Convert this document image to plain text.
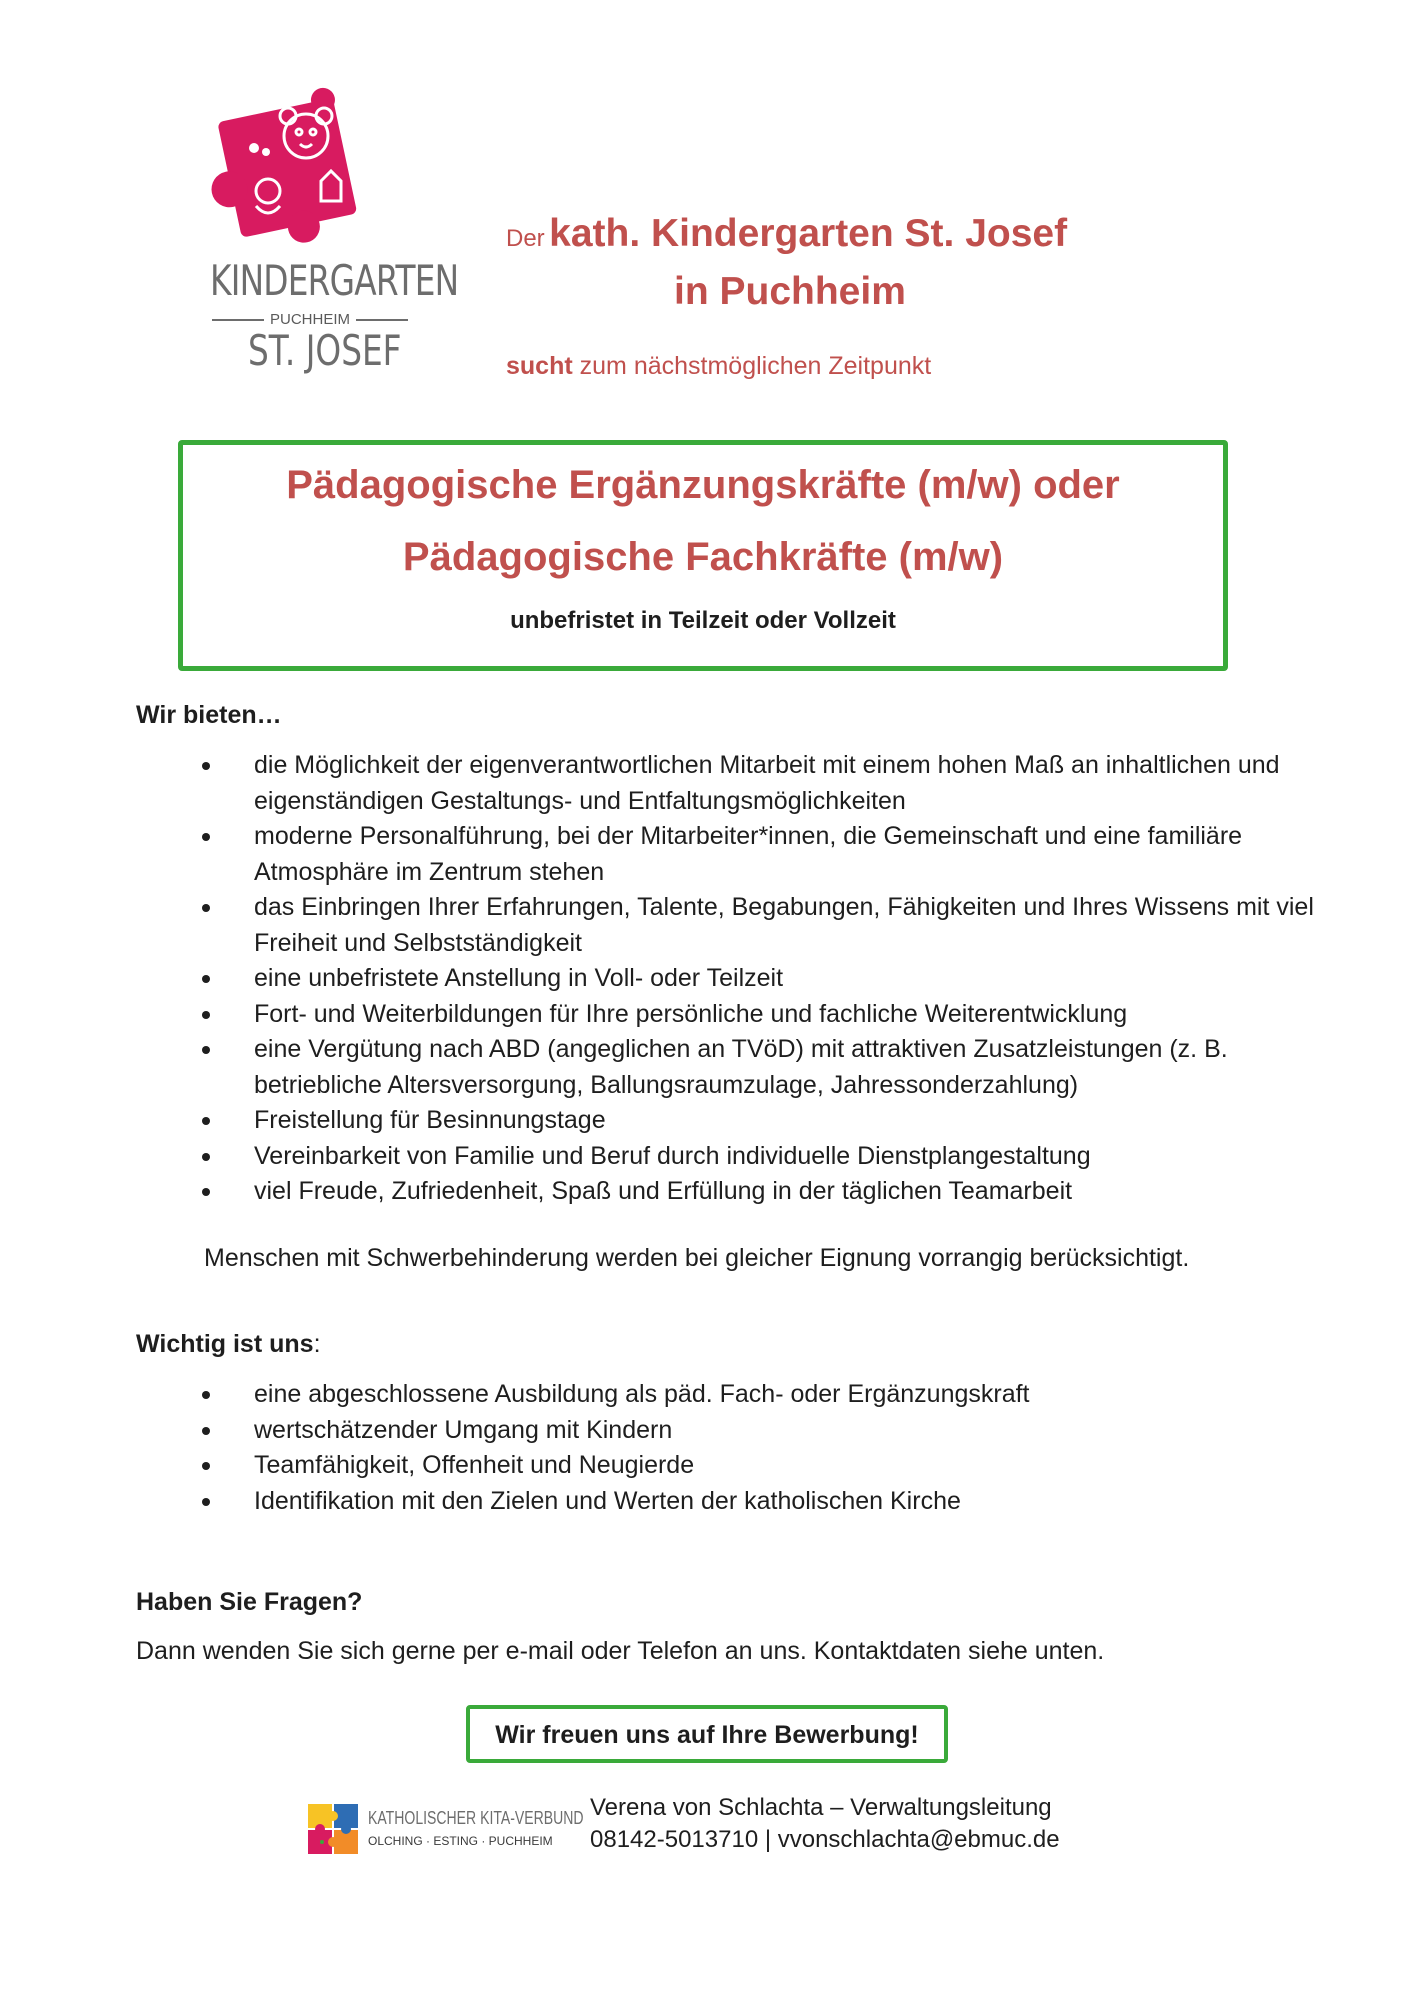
KINDERGARTEN
PUCHHEIM
ST. JOSEF
Der kath. Kindergarten St. Josef
in Puchheim
sucht zum nächstmöglichen Zeitpunkt
Pädagogische Ergänzungskräfte (m/w) oder
Pädagogische Fachkräfte (m/w)
unbefristet in Teilzeit oder Vollzeit
Wir bieten…
die Möglichkeit der eigenverantwortlichen Mitarbeit mit einem hohen Maß an inhaltlichen und eigenständigen Gestaltungs- und Entfaltungsmöglichkeiten
moderne Personalführung, bei der Mitarbeiter*innen, die Gemeinschaft und eine familiäre Atmosphäre im Zentrum stehen
das Einbringen Ihrer Erfahrungen, Talente, Begabungen, Fähigkeiten und Ihres Wissens mit viel Freiheit und Selbstständigkeit
eine unbefristete Anstellung in Voll- oder Teilzeit
Fort- und Weiterbildungen für Ihre persönliche und fachliche Weiterentwicklung
eine Vergütung nach ABD (angeglichen an TVöD) mit attraktiven Zusatzleistungen (z. B. betriebliche Altersversorgung, Ballungsraumzulage, Jahressonderzahlung)
Freistellung für Besinnungstage
Vereinbarkeit von Familie und Beruf durch individuelle Dienstplangestaltung
viel Freude, Zufriedenheit, Spaß und Erfüllung in der täglichen Teamarbeit
Menschen mit Schwerbehinderung werden bei gleicher Eignung vorrangig berücksichtigt.
Wichtig ist uns:
eine abgeschlossene Ausbildung als päd. Fach- oder Ergänzungskraft
wertschätzender Umgang mit Kindern
Teamfähigkeit, Offenheit und Neugierde
Identifikation mit den Zielen und Werten der katholischen Kirche
Haben Sie Fragen?
Dann wenden Sie sich gerne per e-mail oder Telefon an uns. Kontaktdaten siehe unten.
Wir freuen uns auf Ihre Bewerbung!
KATHOLISCHER KITA-VERBUND
OLCHING · ESTING · PUCHHEIM
Verena von Schlachta – Verwaltungsleitung
08142-5013710 | vvonschlachta@ebmuc.de
